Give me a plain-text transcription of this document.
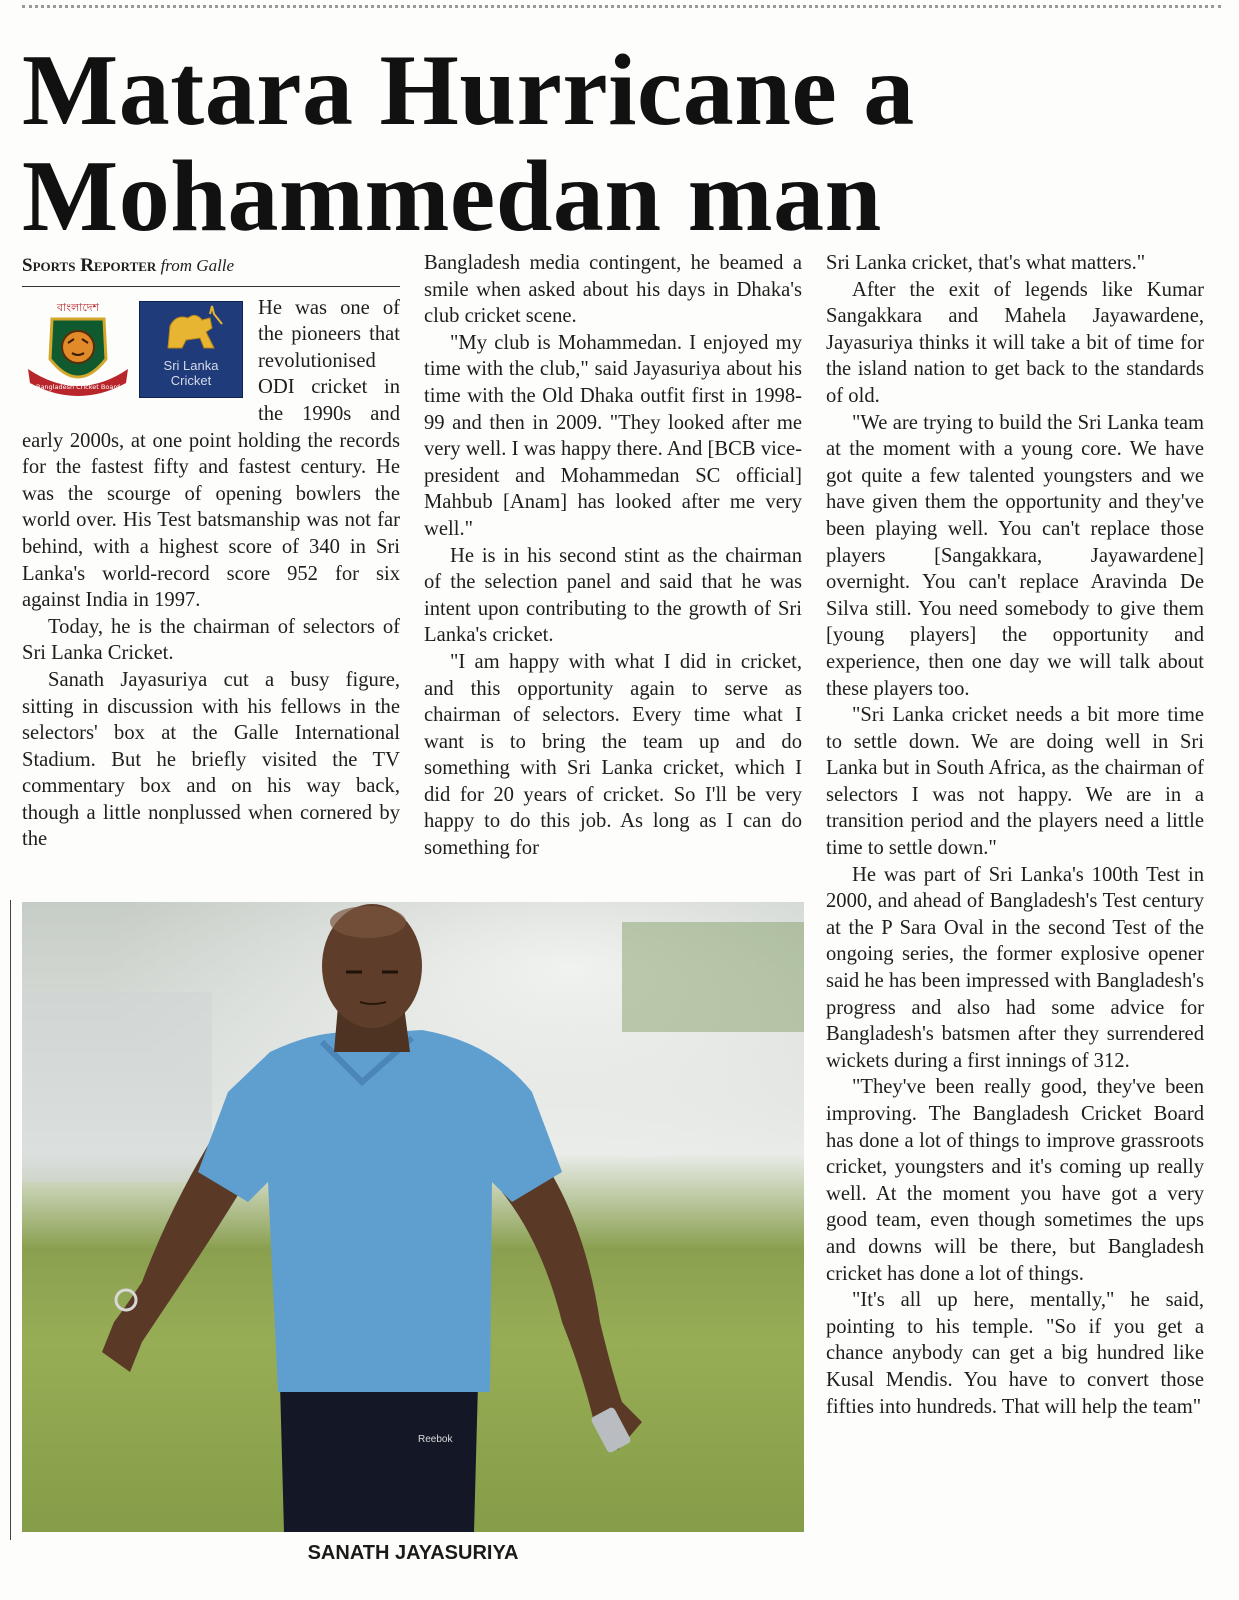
Matara Hurricane a Mohammedan man
Sports Reporter from Galle
বাংলাদেশ
Bangladesh Cricket Board
Sri Lanka
Cricket

He was one of the pioneers that revolutionised ODI cricket in the 1990s and early 2000s, at one point holding the records for the fastest fifty and fastest century. He was the scourge of opening bowlers the world over. His Test batsmanship was not far behind, with a highest score of 340 in Sri Lanka's world-record score 952 for six against India in 1997.

Today, he is the chairman of selectors of Sri Lanka Cricket.

Sanath Jayasuriya cut a busy figure, sitting in discussion with his fellows in the selectors' box at the Galle International Stadium. But he briefly visited the TV commentary box and on his way back, though a little nonplussed when cornered by the

Bangladesh media contingent, he beamed a smile when asked about his days in Dhaka's club cricket scene.

"My club is Mohammedan. I enjoyed my time with the club," said Jayasuriya about his time with the Old Dhaka outfit first in 1998-99 and then in 2009. "They looked after me very well. I was happy there. And [BCB vice-president and Mohammedan SC official] Mahbub [Anam] has looked after me very well."

He is in his second stint as the chairman of the selection panel and said that he was intent upon contributing to the growth of Sri Lanka's cricket.

"I am happy with what I did in cricket, and this opportunity again to serve as chairman of selectors. Every time what I want is to bring the team up and do something with Sri Lanka cricket, which I did for 20 years of cricket. So I'll be very happy to do this job. As long as I can do something for

Sri Lanka cricket, that's what matters."

After the exit of legends like Kumar Sangakkara and Mahela Jayawardene, Jayasuriya thinks it will take a bit of time for the island nation to get back to the standards of old.

"We are trying to build the Sri Lanka team at the moment with a young core. We have got quite a few talented youngsters and we have given them the opportunity and they've been playing well. You can't replace those players [Sangakkara, Jayawardene] overnight. You can't replace Aravinda De Silva still. You need somebody to give them [young players] the opportunity and experience, then one day we will talk about these players too.

"Sri Lanka cricket needs a bit more time to settle down. We are doing well in Sri Lanka but in South Africa, as the chairman of selectors I was not happy. We are in a transition period and the players need a little time to settle down."

He was part of Sri Lanka's 100th Test in 2000, and ahead of Bangladesh's Test century at the P Sara Oval in the second Test of the ongoing series, the former explosive opener said he has been impressed with Bangladesh's progress and also had some advice for Bangladesh's batsmen after they surrendered wickets during a first innings of 312.

"They've been really good, they've been improving. The Bangladesh Cricket Board has done a lot of things to improve grassroots cricket, youngsters and it's coming up really well. At the moment you have got a very good team, even though sometimes the ups and downs will be there, but Bangladesh cricket has done a lot of things.

"It's all up here, mentally," he said, pointing to his temple. "So if you get a chance anybody can get a big hundred like Kusal Mendis. You have to convert those fifties into hundreds. That will help the team"

Reebok
SANATH JAYASURIYA
